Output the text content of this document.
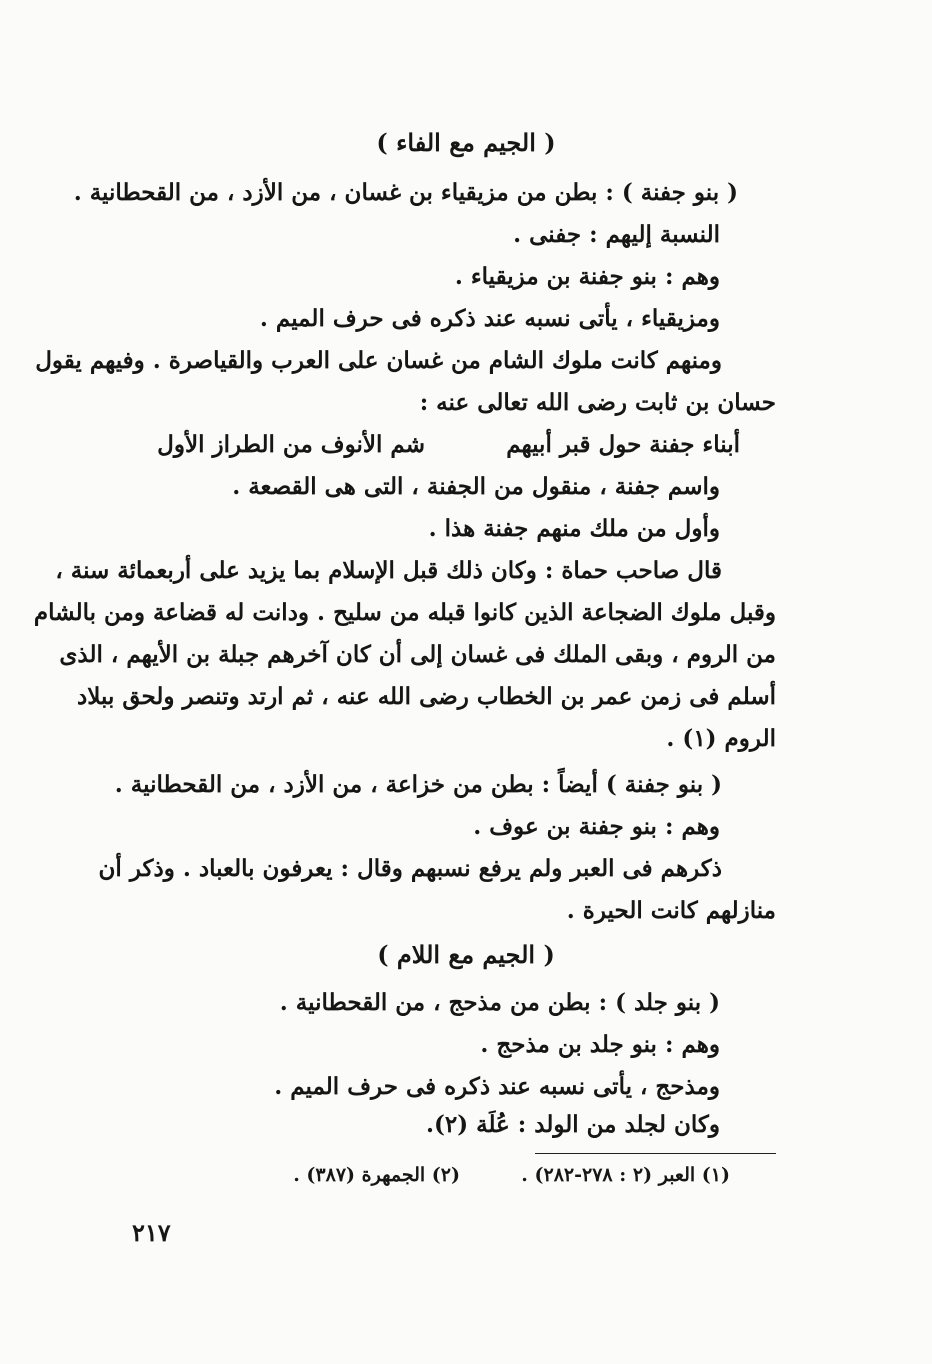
( الجيم مع الفاء )
( بنو جفنة ) : بطن من مزيقياء بن غسان ، من الأزد ، من القحطانية .
النسبة إليهم : جفنى .
وهم : بنو جفنة بن مزيقياء .
ومزيقياء ، يأتى نسبه عند ذكره فى حرف الميم .
ومنهم كانت ملوك الشام من غسان على العرب والقياصرة . وفيهم يقول
حسان بن ثابت رضى الله تعالى عنه :
أبناء جفنة حول قبر أبيهم
شم الأنوف من الطراز الأول
واسم جفنة ، منقول من الجفنة ، التى هى القصعة .
وأول من ملك منهم جفنة هذا .
قال صاحب حماة : وكان ذلك قبل الإسلام بما يزيد على أربعمائة سنة ،
وقبل ملوك الضجاعة الذين كانوا قبله من سليح . ودانت له قضاعة ومن بالشام
من الروم ، وبقى الملك فى غسان إلى أن كان آخرهم جبلة بن الأيهم ، الذى
أسلم فى زمن عمر بن الخطاب رضى الله عنه ، ثم ارتد وتنصر ولحق ببلاد
الروم (١) .
( بنو جفنة ) أيضاً : بطن من خزاعة ، من الأزد ، من القحطانية .
وهم : بنو جفنة بن عوف .
ذكرهم فى العبر ولم يرفع نسبهم وقال : يعرفون بالعباد . وذكر أن
منازلهم كانت الحيرة .
( الجيم مع اللام )
( بنو جلد ) : بطن من مذحج ، من القحطانية .
وهم : بنو جلد بن مذحج .
ومذحج ، يأتى نسبه عند ذكره فى حرف الميم .
وكان لجلد من الولد : عُلَة (٢).
(١) العبر (٢ : ٢٧٨-٢٨٢) .
(٢) الجمهرة (٣٨٧) .
٢١٧
